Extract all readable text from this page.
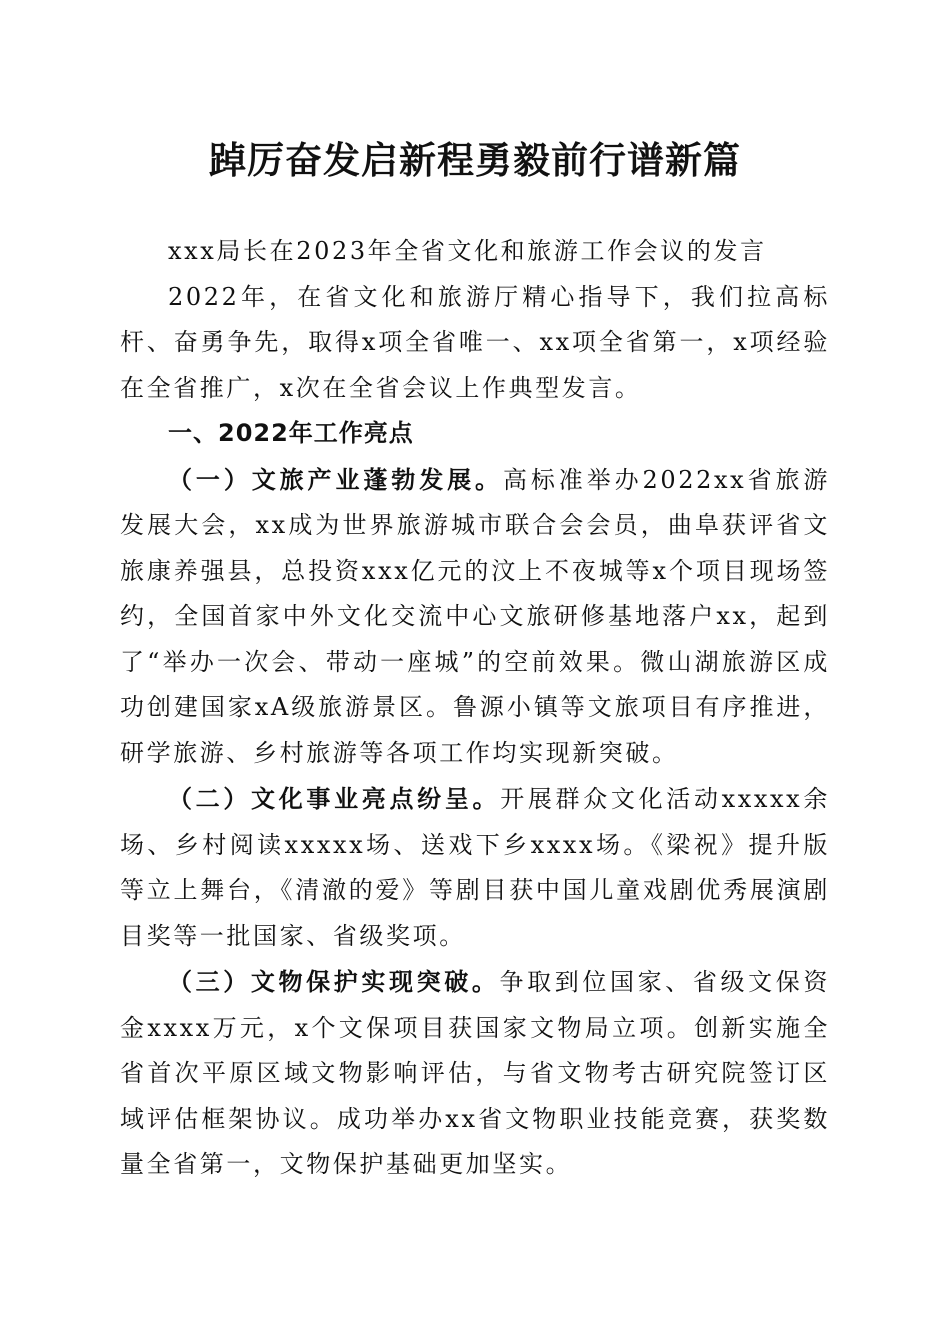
踔厉奋发启新程勇毅前行谱新篇

xxx局长在2023年全省文化和旅游工作会议的发言

2022年，在省文化和旅游厅精心指导下，我们拉高标杆、奋勇争先，取得x项全省唯一、xx项全省第一，x项经验在全省推广，x次在全省会议上作典型发言。

一、2022年工作亮点

（一）文旅产业蓬勃发展。高标准举办2022xx省旅游发展大会，xx成为世界旅游城市联合会会员，曲阜获评省文旅康养强县，总投资xxx亿元的汶上不夜城等x个项目现场签约，全国首家中外文化交流中心文旅研修基地落户xx，起到了“举办一次会、带动一座城”的空前效果。微山湖旅游区成功创建国家xA级旅游景区。鲁源小镇等文旅项目有序推进，研学旅游、乡村旅游等各项工作均实现新突破。

（二）文化事业亮点纷呈。开展群众文化活动xxxxx余场、乡村阅读xxxxx场、送戏下乡xxxx场。《梁祝》提升版等立上舞台，《清澈的爱》等剧目获中国儿童戏剧优秀展演剧目奖等一批国家、省级奖项。

（三）文物保护实现突破。争取到位国家、省级文保资金xxxx万元，x个文保项目获国家文物局立项。创新实施全省首次平原区域文物影响评估，与省文物考古研究院签订区域评估框架协议。成功举办xx省文物职业技能竞赛，获奖数量全省第一，文物保护基础更加坚实。
